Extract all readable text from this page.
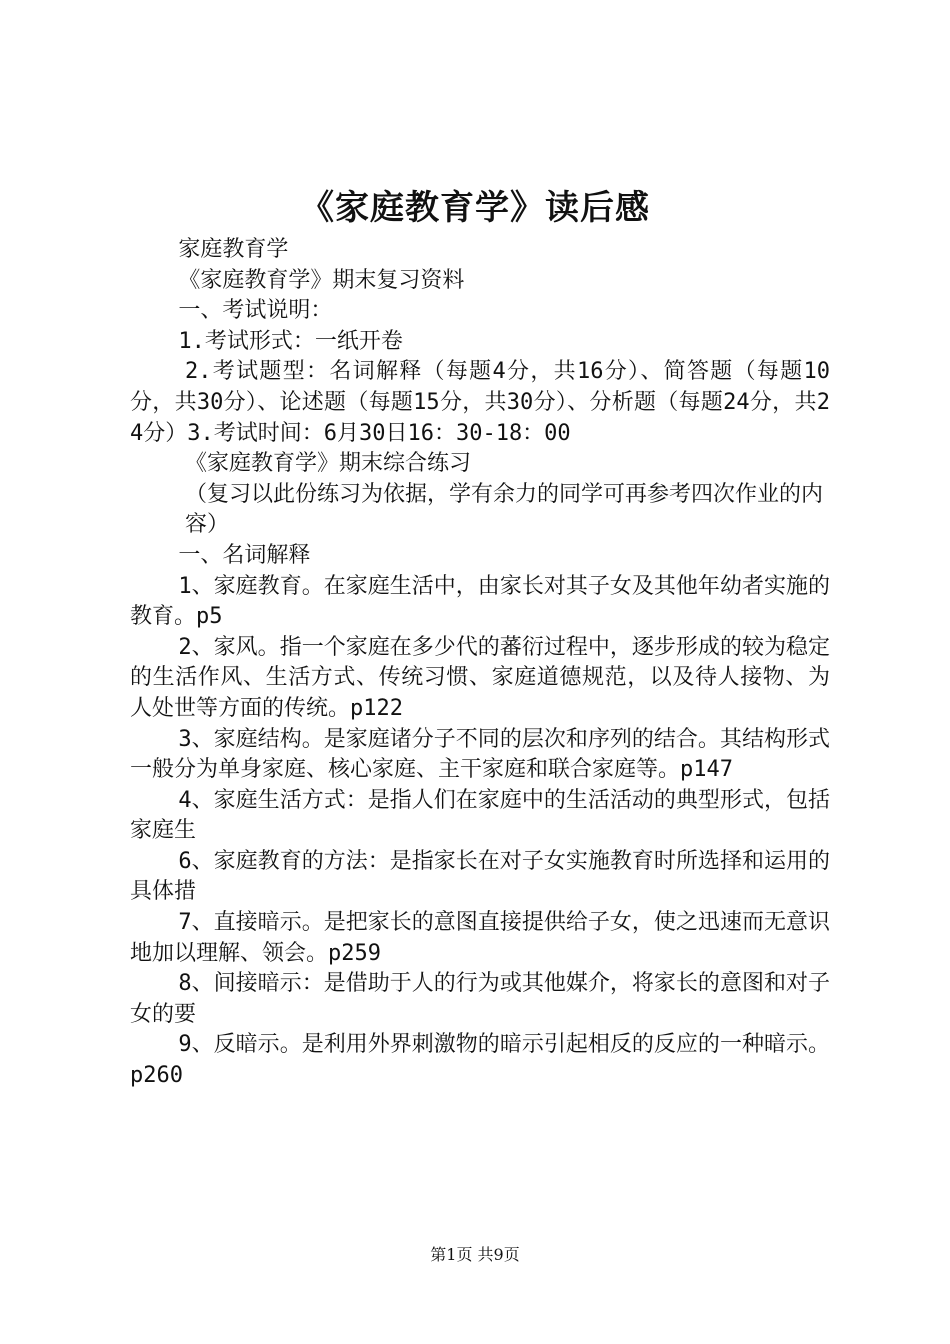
《家庭教育学》读后感

家庭教育学

《家庭教育学》期末复习资料

一、考试说明：

1.考试形式：一纸开卷

2.考试题型：名词解释（每题4分，共16分）、简答题（每题10分，共30分）、论述题（每题15分，共30分）、分析题（每题24分，共24分）3.考试时间：6月30日16：30-18：00

《家庭教育学》期末综合练习

（复习以此份练习为依据，学有余力的同学可再参考四次作业的内

容）

一、名词解释

1、家庭教育。在家庭生活中，由家长对其子女及其他年幼者实施的教育。p5

2、家风。指一个家庭在多少代的蕃衍过程中，逐步形成的较为稳定的生活作风、生活方式、传统习惯、家庭道德规范，以及待人接物、为人处世等方面的传统。p122

3、家庭结构。是家庭诸分子不同的层次和序列的结合。其结构形式一般分为单身家庭、核心家庭、主干家庭和联合家庭等。p147

4、家庭生活方式：是指人们在家庭中的生活活动的典型形式，包括家庭生

6、家庭教育的方法：是指家长在对子女实施教育时所选择和运用的具体措

7、直接暗示。是把家长的意图直接提供给子女，使之迅速而无意识地加以理解、领会。p259

8、间接暗示：是借助于人的行为或其他媒介，将家长的意图和对子女的要

9、反暗示。是利用外界刺激物的暗示引起相反的反应的一种暗示。p260

第1页 共9页
